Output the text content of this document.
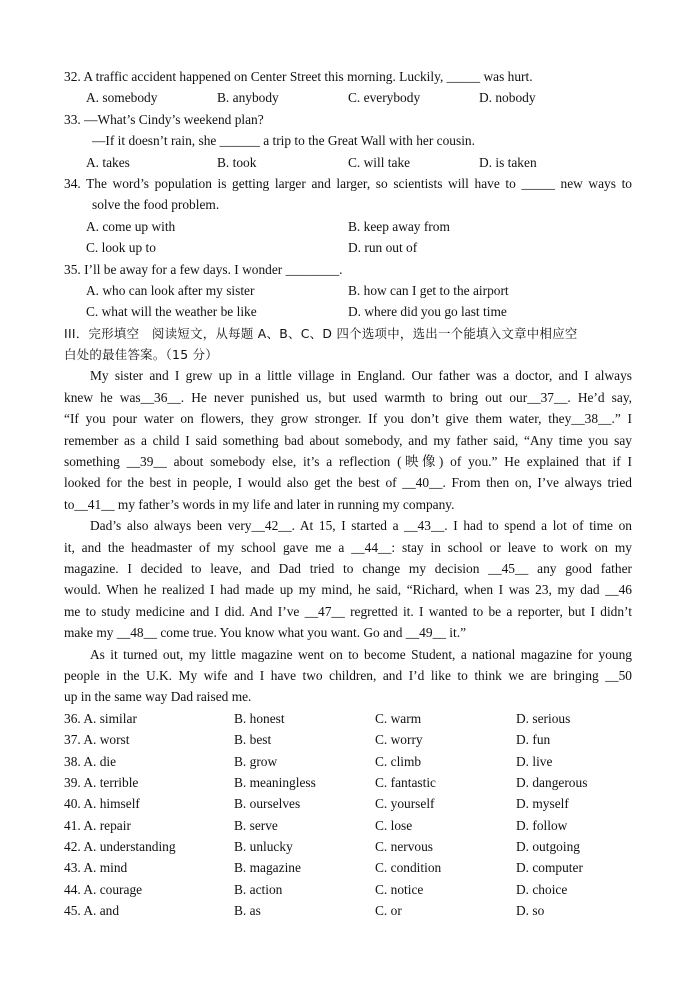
32. A traffic accident happened on Center Street this morning. Luckily, _____ was hurt.
A. somebody	B. anybody	C. everybody	D. nobody
33. —What’s Cindy’s weekend plan?
—If it doesn’t rain, she ______ a trip to the Great Wall with her cousin.
A. takes	B. took	C. will take	D. is taken
34. The word’s population is getting larger and larger, so scientists will have to _____ new ways to
solve the food problem.
A. come up with	B. keep away from
C. look up to	D. run out of
35. I’ll be away for a few days. I wonder ________.
A. who can look after my sister	B. how can I get to the airport
C. what will the weather be like	D. where did you go last time
III．完形填空　阅读短文，从每题 A、B、C、D 四个选项中，选出一个能填入文章中相应空
白处的最佳答案。（15 分）
My sister and I grew up in a little village in England. Our father was a doctor, and I always
knew he was__36__. He never punished us, but used warmth to bring out our__37__. He’d say,
“If you pour water on flowers, they grow stronger. If you don’t give them water, they__38__.” I
remember as a child I said something bad about somebody, and my father said, “Any time you say
something __39__ about somebody else, it’s a reflection (映像) of you.” He explained that if I
looked for the best in people, I would also get the best of __40__. From then on, I’ve always tried
to__41__ my father’s words in my life and later in running my company.
Dad’s also always been very__42__. At 15, I started a __43__. I had to spend a lot of time on
it, and the headmaster of my school gave me a __44__: stay in school or leave to work on my
magazine. I decided to leave, and Dad tried to change my decision __45__ any good father
would. When he realized I had made up my mind, he said, “Richard, when I was 23, my dad __46
me to study medicine and I did. And I’ve __47__ regretted it. I wanted to be a reporter, but I didn’t
make my __48__ come true. You know what you want. Go and __49__ it.”
As it turned out, my little magazine went on to become Student, a national magazine for young
people in the U.K. My wife and I have two children, and I’d like to think we are bringing __50
up in the same way Dad raised me.
36. A. similar	B. honest	C. warm	D. serious
37. A. worst	B. best	C. worry	D. fun
38. A. die	B. grow	C. climb	D. live
39. A. terrible	B. meaningless	C. fantastic	D. dangerous
40. A. himself	B. ourselves	C. yourself	D. myself
41. A. repair	B. serve	C. lose	D. follow
42. A. understanding	B. unlucky	C. nervous	D. outgoing
43. A. mind	B. magazine	C. condition	D. computer
44. A. courage	B. action	C. notice	D. choice
45. A. and	B. as	C. or	D. so
